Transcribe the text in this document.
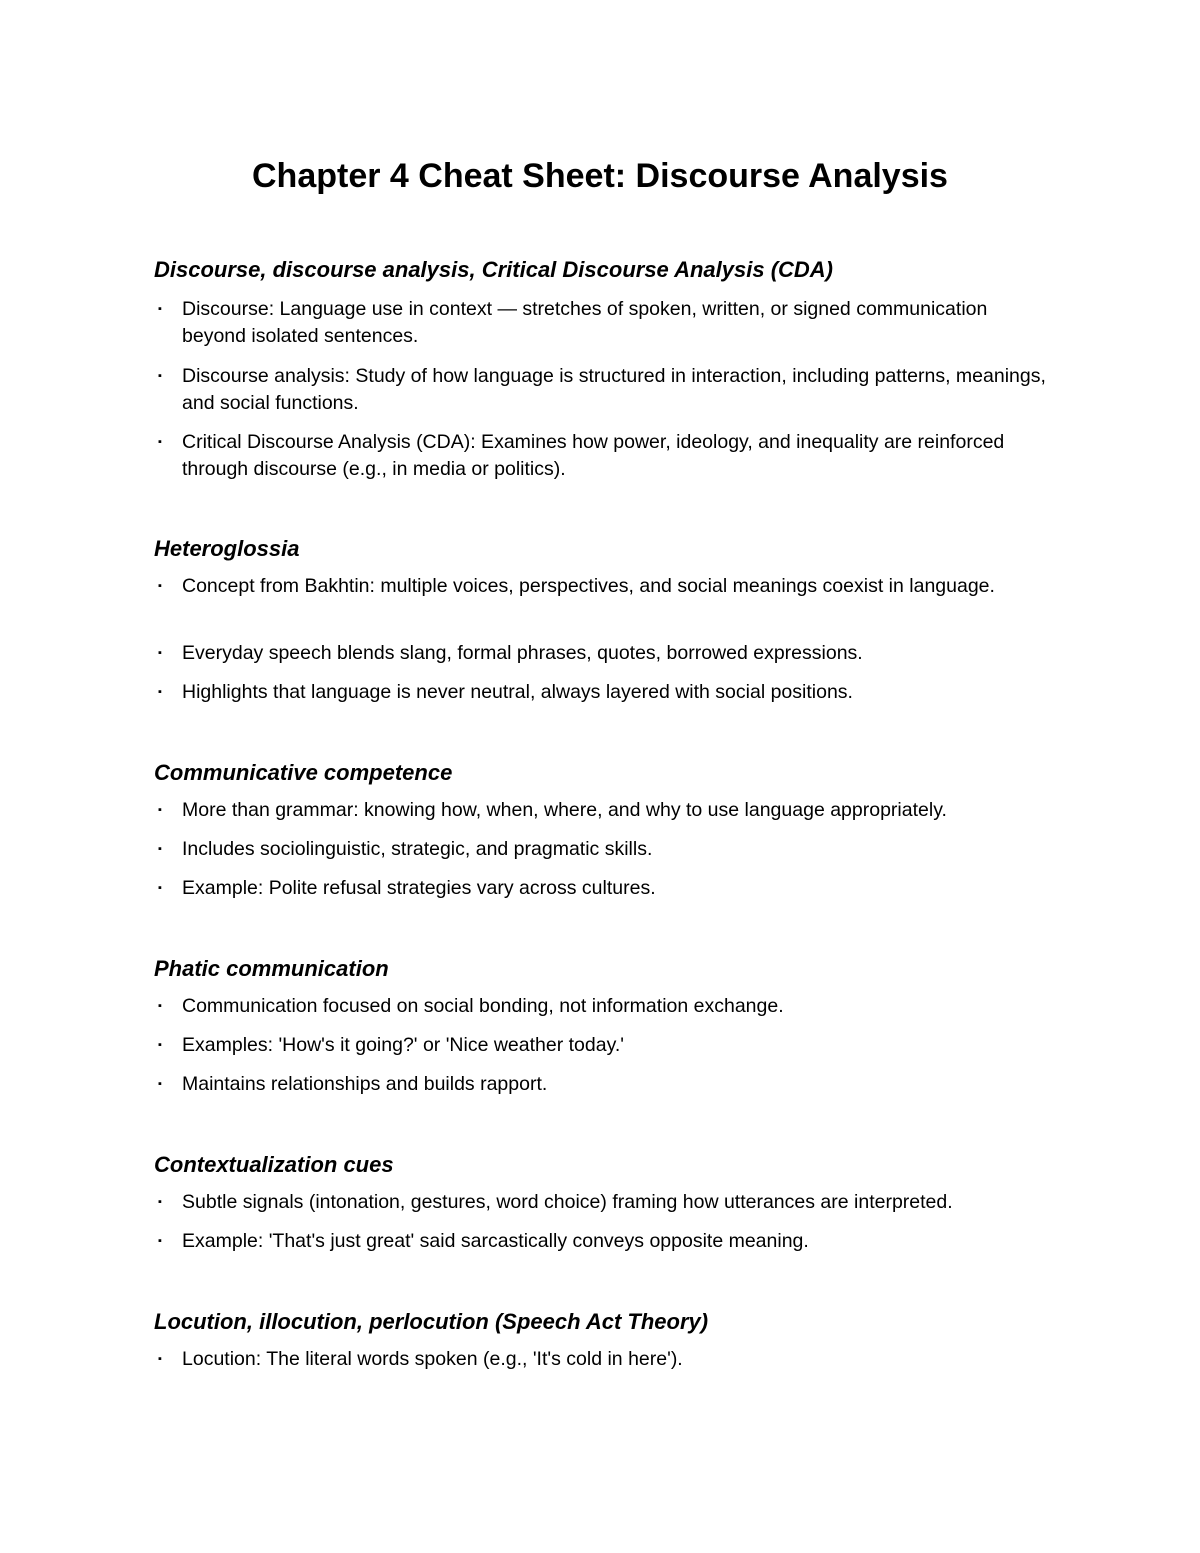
Chapter 4 Cheat Sheet: Discourse Analysis
Discourse, discourse analysis, Critical Discourse Analysis (CDA)
▪ Discourse: Language use in context — stretches of spoken, written, or signed communication beyond isolated sentences.
▪ Discourse analysis: Study of how language is structured in interaction, including patterns, meanings, and social functions.
▪ Critical Discourse Analysis (CDA): Examines how power, ideology, and inequality are reinforced through discourse (e.g., in media or politics).
Heteroglossia
▪ Concept from Bakhtin: multiple voices, perspectives, and social meanings coexist in language.
▪ Everyday speech blends slang, formal phrases, quotes, borrowed expressions.
▪ Highlights that language is never neutral, always layered with social positions.
Communicative competence
▪ More than grammar: knowing how, when, where, and why to use language appropriately.
▪ Includes sociolinguistic, strategic, and pragmatic skills.
▪ Example: Polite refusal strategies vary across cultures.
Phatic communication
▪ Communication focused on social bonding, not information exchange.
▪ Examples: 'How's it going?' or 'Nice weather today.'
▪ Maintains relationships and builds rapport.
Contextualization cues
▪ Subtle signals (intonation, gestures, word choice) framing how utterances are interpreted.
▪ Example: 'That's just great' said sarcastically conveys opposite meaning.
Locution, illocution, perlocution (Speech Act Theory)
▪ Locution: The literal words spoken (e.g., 'It's cold in here').
